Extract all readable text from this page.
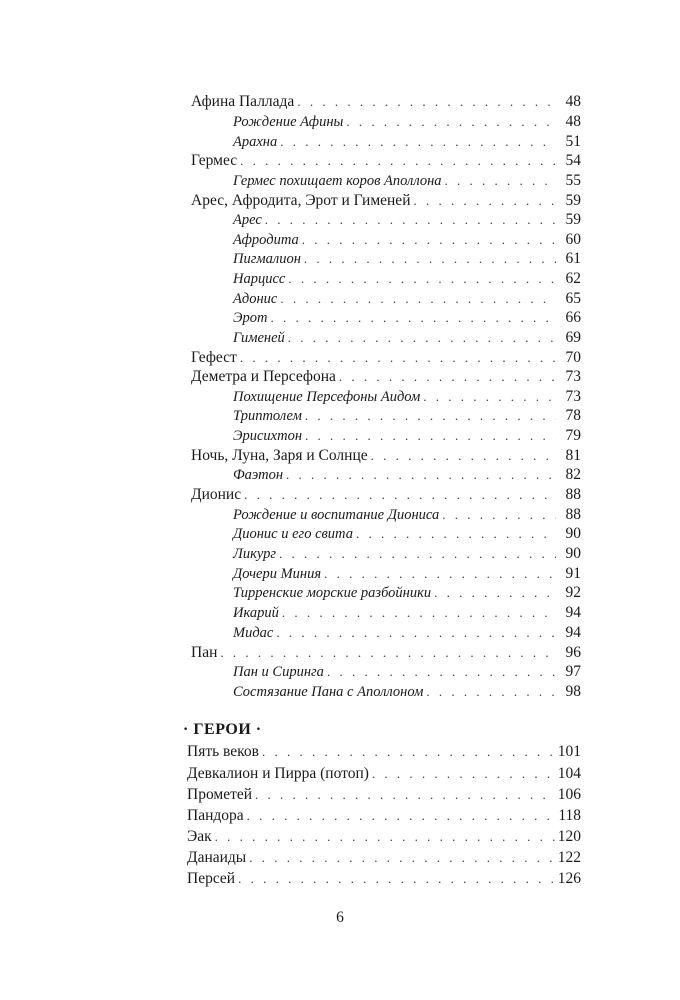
Афина Паллада . . .	48
Рождение Афины . . .	48
Арахна . . .	51
Гермес . . .	54
Гермес похищает коров Аполлона . . .	55
Арес, Афродита, Эрот и Гименей . . .	59
Арес . . .	59
Афродита . . .	60
Пигмалион . . .	61
Нарцисс . . .	62
Адонис . . .	65
Эрот . . .	66
Гименей . . .	69
Гефест . . .	70
Деметра и Персефона . . .	73
Похищение Персефоны Аидом . . .	73
Триптолем . . .	78
Эрисихтон . . .	79
Ночь, Луна, Заря и Солнце . . .	81
Фаэтон . . .	82
Дионис . . .	88
Рождение и воспитание Диониса . . .	88
Дионис и его свита . . .	90
Ликург . . .	90
Дочери Миния . . .	91
Тирренские морские разбойники . . .	92
Икарий . . .	94
Мидас . . .	94
Пан . . .	96
Пан и Сиринга . . .	97
Состязание Пана с Аполлоном . . .	98
· ГЕРОИ ·
Пять веков . . .	101
Девкалион и Пирра (потоп) . . .	104
Прометей . . .	106
Пандора . . .	118
Эак . . .	120
Данаиды . . .	122
Персей . . .	126
6
